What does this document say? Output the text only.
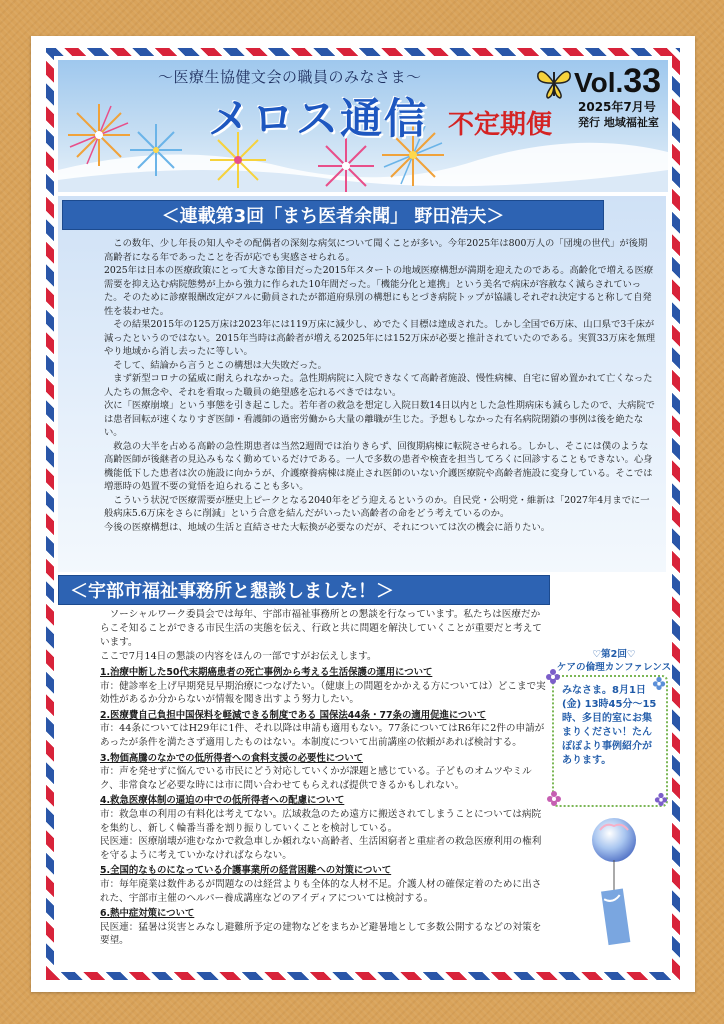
〜医療生協健文会の職員のみなさま〜
メロス通信 不定期便
Vol.33
2025年7月号
発行 地域福祉室
＜連載第3回「まち医者余聞」 野田浩夫＞

　この数年、少し年長の知人やその配偶者の深刻な病気について聞くことが多い。今年2025年は800万人の「団塊の世代」が後期高齢者になる年であったことを否が応でも実感させられる。

2025年は日本の医療政策にとって大きな節目だった2015年スタートの地域医療構想が満期を迎えたのである。高齢化で増える医療需要を抑え込む病院態勢が上から強力に作られた10年間だった。「機能分化と連携」という美名で病床が容赦なく減らされていった。そのために診療報酬改定がフルに動員されたが都道府県別の構想にもとづき病院トップが協議しそれぞれ決定すると称して自発性を装わせた。

　その結果2015年の125万床は2023年には119万床に減少し、めでたく目標は達成された。しかし全国で6万床、山口県で3千床が減ったというのではない。2015年当時は高齢者が増える2025年には152万床が必要と推計されていたのである。実質33万床を無理やり地域から消し去ったに等しい。

　そして、結論から言うとこの構想は大失敗だった。

　まず新型コロナの猛威に耐えられなかった。急性期病院に入院できなくて高齢者施設、慢性病棟、自宅に留め置かれて亡くなった人たちの無念や、それを看取った職員の絶望感を忘れるべきではない。

次に「医療崩壊」という事態を引き起こした。若年者の救急を想定し入院日数14日以内とした急性期病床も減らしたので、大病院では患者回転が速くなりすぎ医師・看護師の過密労働から大量の離職が生じた。予想もしなかった有名病院閉鎖の事例は後を絶たない。

　救急の大半を占める高齢の急性期患者は当然2週間では治りきらず、回復期病棟に転院させられる。しかし、そこには僕のような高齢医師が後継者の見込みもなく勤めているだけである。一人で多数の患者や検査を担当してろくに回診することもできない。心身機能低下した患者は次の施設に向かうが、介護療養病棟は廃止され医師のいない介護医療院や高齢者施設に変身している。そこでは増悪時の処置不要の覚悟を迫られることも多い。

　こういう状況で医療需要が歴史上ピークとなる2040年をどう迎えるというのか。自民党・公明党・維新は「2027年4月までに一般病床5.6万床をさらに削減」という合意を結んだがいったい高齢者の命をどう考えているのか。

今後の医療構想は、地域の生活と直結させた大転換が必要なのだが、それについては次の機会に語りたい。

＜宇部市福祉事務所と懇談しました！＞

　ソーシャルワーク委員会では毎年、宇部市福祉事務所との懇談を行なっています。私たちは医療だからこそ知ることができる市民生活の実態を伝え、行政と共に問題を解決していくことが重要だと考えています。

ここで7月14日の懇談の内容をほんの一部ですがお伝えします。

1.治療中断した50代末期癌患者の死亡事例から考える生活保護の運用について

市：健診率を上げ早期発見早期治療につなげたい。（健康上の問題をかかえる方については）どこまで実効性があるか分からないが情報を聞き出すよう努力したい。

2.医療費自己負担中国保料を軽減できる制度である 国保法44条・77条の適用促進について

市：44条についてはH29年に1件、それ以降は申請も適用もない。77条についてはR6年に2件の申請があったが条件を満たさず適用したものはない。本制度について出前講座の依頼があれば検討する。

3.物価高騰のなかでの低所得者への食料支援の必要性について

市：声を発せずに悩んでいる市民にどう対応していくかが課題と感じている。子どものオムツやミルク、非常食など必要な時には市に問い合わせてもらえれば提供できるかもしれない。

4.救急医療体制の逼迫の中での低所得者への配慮について

市：救急車の利用の有料化は考えてない。広域救急のため遠方に搬送されてしまうことについては病院を集約し、新しく輪番当番を割り振りしていくことを検討している。
民医連：医療崩壊が進むなかで救急車しか頼れない高齢者、生活困窮者と重症者の救急医療利用の権利を守るように考えていかなければならない。

5.全国的なものになっている介護事業所の経営困難への対策について

市：毎年廃業は数件あるが問題なのは経営よりも全体的な人材不足。介護人材の確保定着のために出された、宇部市主催のヘルパー養成講座などのアイディアについては検討する。

6.熱中症対策について

民医連：猛暑は災害とみなし避難所予定の建物などをまちかど避暑地として多数公開するなどの対策を要望。

♡第2回♡
ケアの倫理カンファレンス
みなさま。8月1日(金) 13時45分〜15時、多目的室にお集まりください！たんぽぽより事例紹介があります。
